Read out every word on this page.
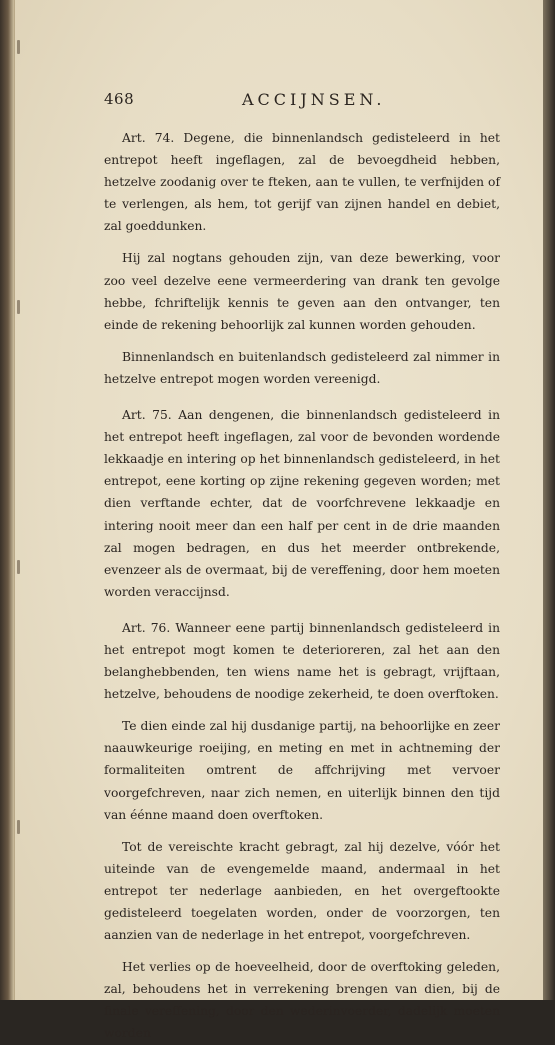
468	ACCIJNSEN.

Art. 74. Degene, die binnenlandsch gedisteleerd in het entrepot heeft ingeflagen, zal de bevoegdheid hebben, hetzelve zoodanig over te fteken, aan te vullen, te verfnijden of te verlengen, als hem, tot gerijf van zijnen handel en debiet, zal goeddunken.

Hij zal nogtans gehouden zijn, van deze bewerking, voor zoo veel dezelve eene vermeerdering van drank ten gevolge hebbe, fchriftelijk kennis te geven aan den ontvanger, ten einde de rekening behoorlijk zal kunnen worden gehouden.

Binnenlandsch en buitenlandsch gedisteleerd zal nimmer in hetzelve entrepot mogen worden vereenigd.

Art. 75. Aan dengenen, die binnenlandsch gedisteleerd in het entrepot heeft ingeflagen, zal voor de bevonden wordende lekkaadje en intering op het binnenlandsch gedisteleerd, in het entrepot, eene korting op zijne rekening gegeven worden; met dien verftande echter, dat de voorfchrevene lekkaadje en intering nooit meer dan een half per cent in de drie maanden zal mogen bedragen, en dus het meerder ontbrekende, evenzeer als de overmaat, bij de vereffening, door hem moeten worden veraccijnsd.

Art. 76. Wanneer eene partij binnenlandsch gedisteleerd in het entrepot mogt komen te deterioreren, zal het aan den belanghebbenden, ten wiens name het is gebragt, vrijftaan, hetzelve, behoudens de noodige zekerheid, te doen overftoken.

Te dien einde zal hij dusdanige partij, na behoorlijke en zeer naauwkeurige roeijing, en meting en met in achtneming der formaliteiten omtrent de affchrijving met vervoer voorgefchreven, naar zich nemen, en uiterlijk binnen den tijd van éénne maand doen overftoken.

Tot de vereischte kracht gebragt, zal hij dezelve, vóór het uiteinde van de evengemelde maand, andermaal in het entrepot ter nederlage aanbieden, en het overgeftookte gedisteleerd toegelaten worden, onder de voorzorgen, ten aanzien van de nederlage in het entrepot, voorgefchreven.

Het verlies op de hoeveelheid, door de overftoking geleden, zal, behoudens het in verrekening brengen van dien, bij de finale vereffening, door den wederinvoerder, dadelijk moeten worden
